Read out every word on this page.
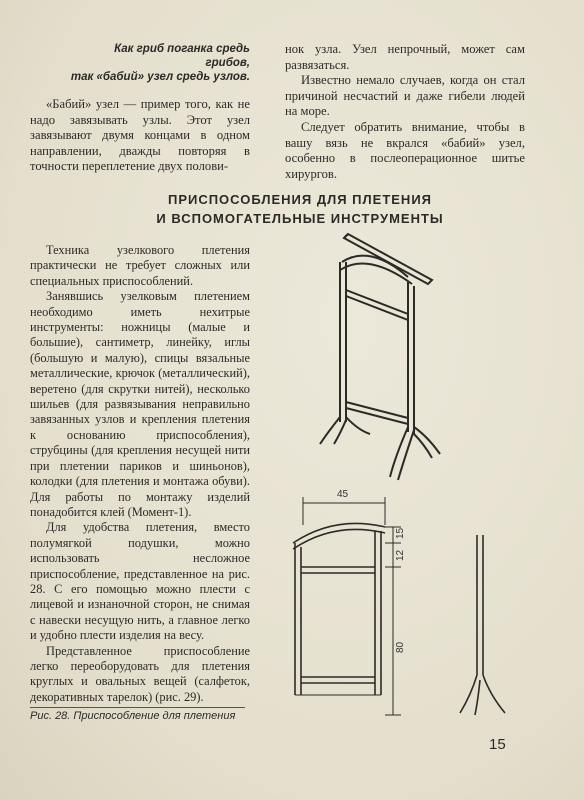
Как гриб поганка средь грибов,
так «бабий» узел средь узлов.

«Бабий» узел — пример того, как не надо завязывать узлы. Этот узел завязывают двумя концами в одном направлении, дважды повторяя в точности переплетение двух полови-

нок узла. Узел непрочный, может сам развязаться.

Известно немало случаев, когда он стал причиной несчастий и даже гибели людей на море.

Следует обратить внимание, чтобы в вашу вязь не вкрался «бабий» узел, особенно в послеоперационное шитье хирургов.

ПРИСПОСОБЛЕНИЯ ДЛЯ ПЛЕТЕНИЯ
И ВСПОМОГАТЕЛЬНЫЕ ИНСТРУМЕНТЫ

Техника узелкового плетения практически не требует сложных или специальных приспособлений.

Занявшись узелковым плетением необходимо иметь нехитрые инструменты: ножницы (малые и большие), сантиметр, линейку, иглы (большую и малую), спицы вязальные металлические, крючок (металлический), веретено (для скрутки нитей), несколько шильев (для развязывания неправильно завязанных узлов и крепления плетения к основанию приспособления), струбцины (для крепления несущей нити при плетении париков и шиньонов), колодки (для плетения и монтажа обуви). Для работы по монтажу изделий понадобится клей (Момент-1).

Для удобства плетения, вместо полумягкой подушки, можно использовать несложное приспособление, представленное на рис. 28. С его помощью можно плести с лицевой и изнаночной сторон, не снимая с навески несущую нить, а главное легко и удобно плести изделия на весу.

Представленное приспособление легко переоборудовать для плетения круглых и овальных вещей (салфеток, декоративных тарелок) (рис. 29).

45
15
12
80
Рис. 28. Приспособление для плетения
15
